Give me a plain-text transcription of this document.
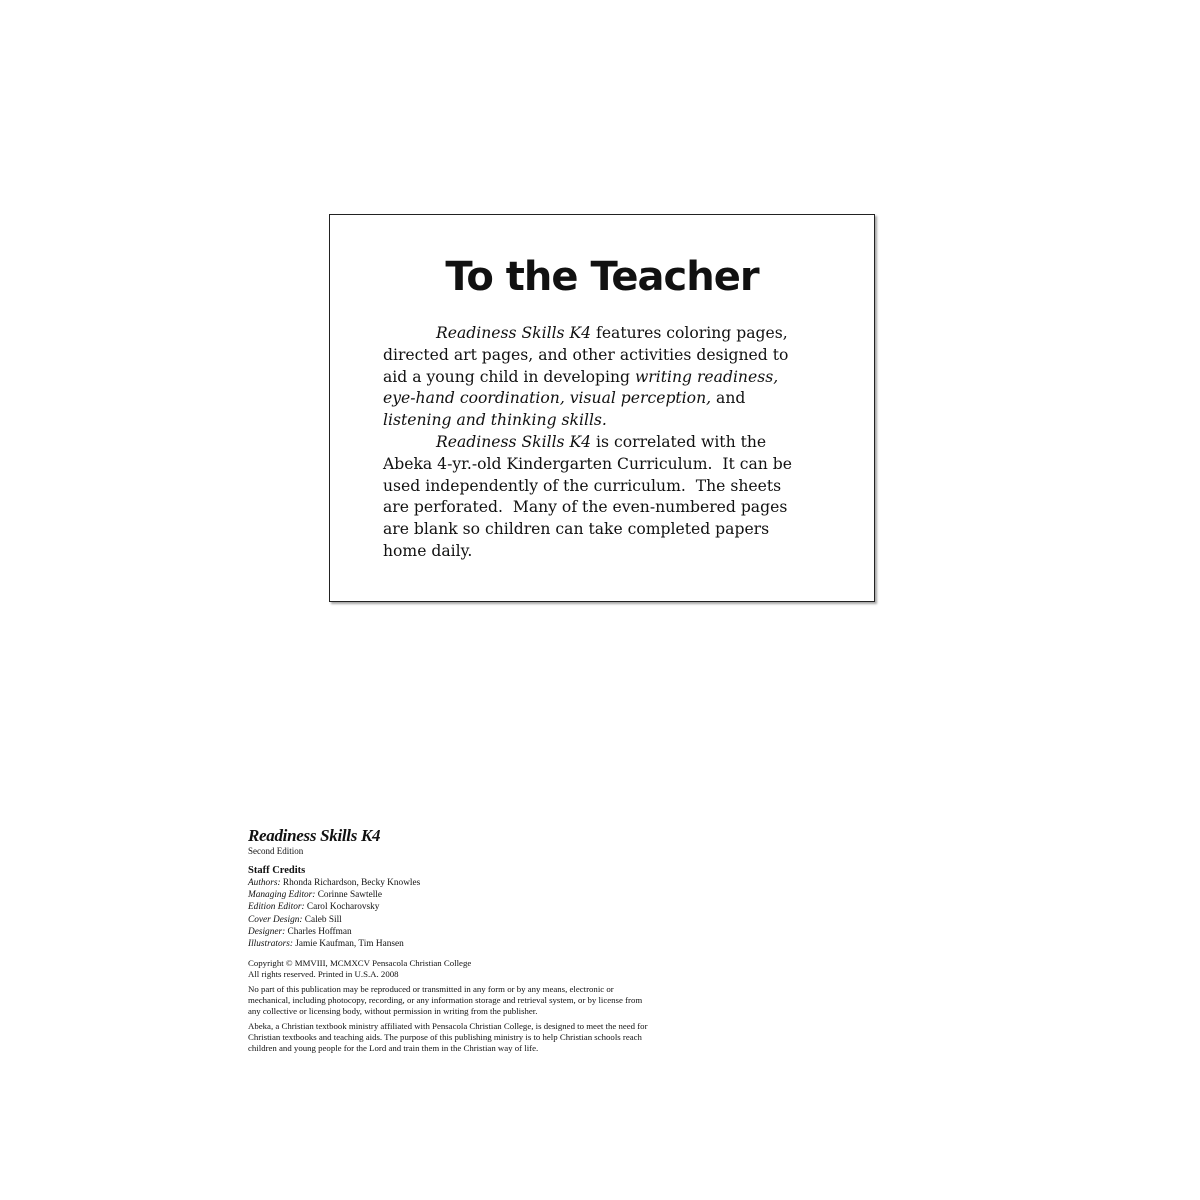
To the Teacher
Readiness Skills K4 features coloring pages,
directed art pages, and other activities designed to
aid a young child in developing writing readiness,
eye-hand coordination, visual perception, and
listening and thinking skills.
Readiness Skills K4 is correlated with the
Abeka 4-yr.-old Kindergarten Curriculum.  It can be
used independently of the curriculum.  The sheets
are perforated.  Many of the even-numbered pages
are blank so children can take completed papers
home daily.
Readiness Skills K4
Second Edition
Staff Credits
Authors: Rhonda Richardson, Becky Knowles
Managing Editor: Corinne Sawtelle
Edition Editor: Carol Kocharovsky
Cover Design: Caleb Sill
Designer: Charles Hoffman
Illustrators: Jamie Kaufman, Tim Hansen

Copyright © MMVIII, MCMXCV Pensacola Christian College
All rights reserved. Printed in U.S.A. 2008

No part of this publication may be reproduced or transmitted in any form or by any means, electronic or mechanical, including photocopy, recording, or any information storage and retrieval system, or by license from any collective or licensing body, without permission in writing from the publisher.

Abeka, a Christian textbook ministry affiliated with Pensacola Christian College, is designed to meet the need for Christian textbooks and teaching aids. The purpose of this publishing ministry is to help Christian schools reach children and young people for the Lord and train them in the Christian way of life.
